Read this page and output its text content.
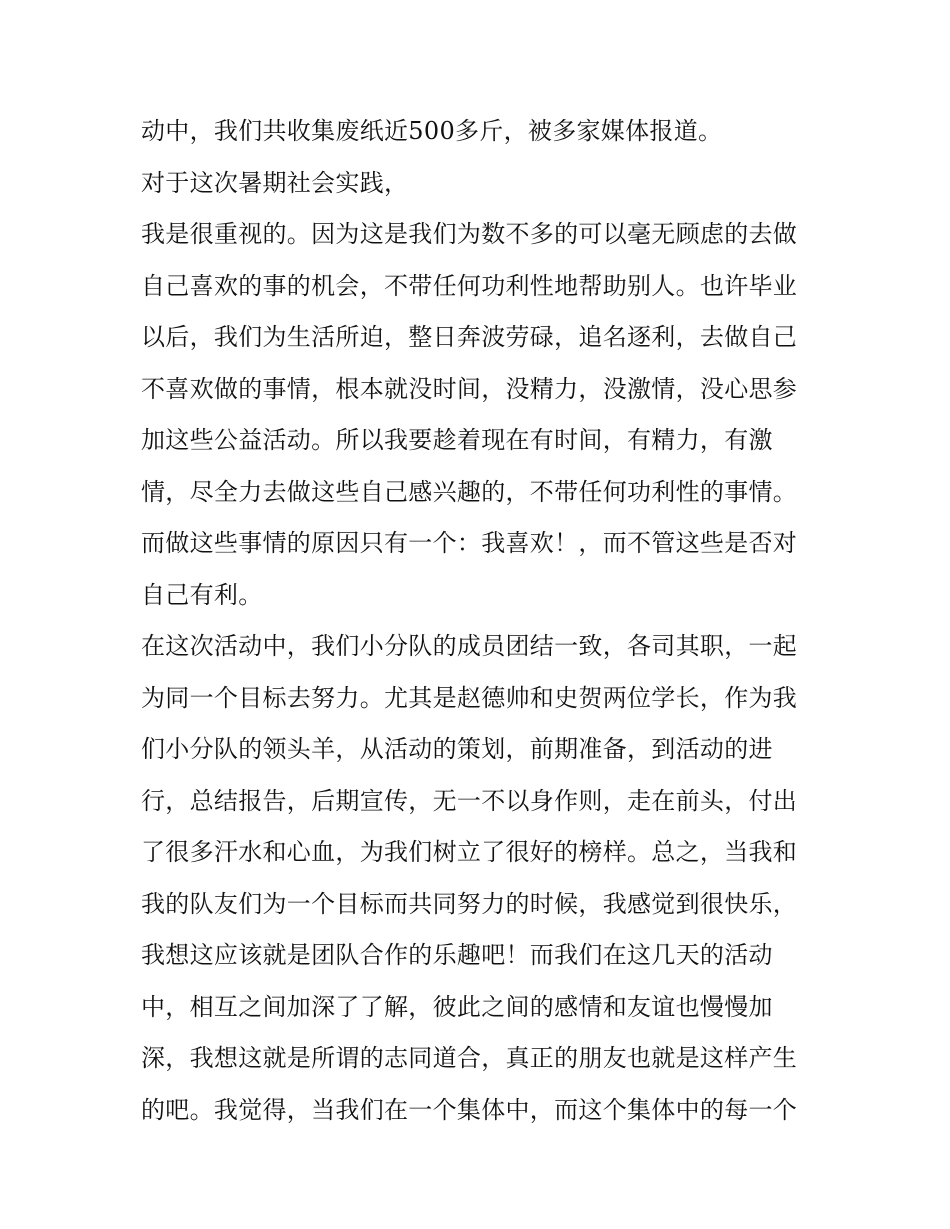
动中，我们共收集废纸近500多斤，被多家媒体报道。
对于这次暑期社会实践，
我是很重视的。因为这是我们为数不多的可以毫无顾虑的去做
自己喜欢的事的机会，不带任何功利性地帮助别人。也许毕业
以后，我们为生活所迫，整日奔波劳碌，追名逐利，去做自己
不喜欢做的事情，根本就没时间，没精力，没激情，没心思参
加这些公益活动。所以我要趁着现在有时间，有精力，有激
情，尽全力去做这些自己感兴趣的，不带任何功利性的事情。
而做这些事情的原因只有一个：我喜欢！，而不管这些是否对
自己有利。
在这次活动中，我们小分队的成员团结一致，各司其职，一起
为同一个目标去努力。尤其是赵德帅和史贺两位学长，作为我
们小分队的领头羊，从活动的策划，前期准备，到活动的进
行，总结报告，后期宣传，无一不以身作则，走在前头，付出
了很多汗水和心血，为我们树立了很好的榜样。总之，当我和
我的队友们为一个目标而共同努力的时候，我感觉到很快乐，
我想这应该就是团队合作的乐趣吧！而我们在这几天的活动
中，相互之间加深了了解，彼此之间的感情和友谊也慢慢加
深，我想这就是所谓的志同道合，真正的朋友也就是这样产生
的吧。我觉得，当我们在一个集体中，而这个集体中的每一个
